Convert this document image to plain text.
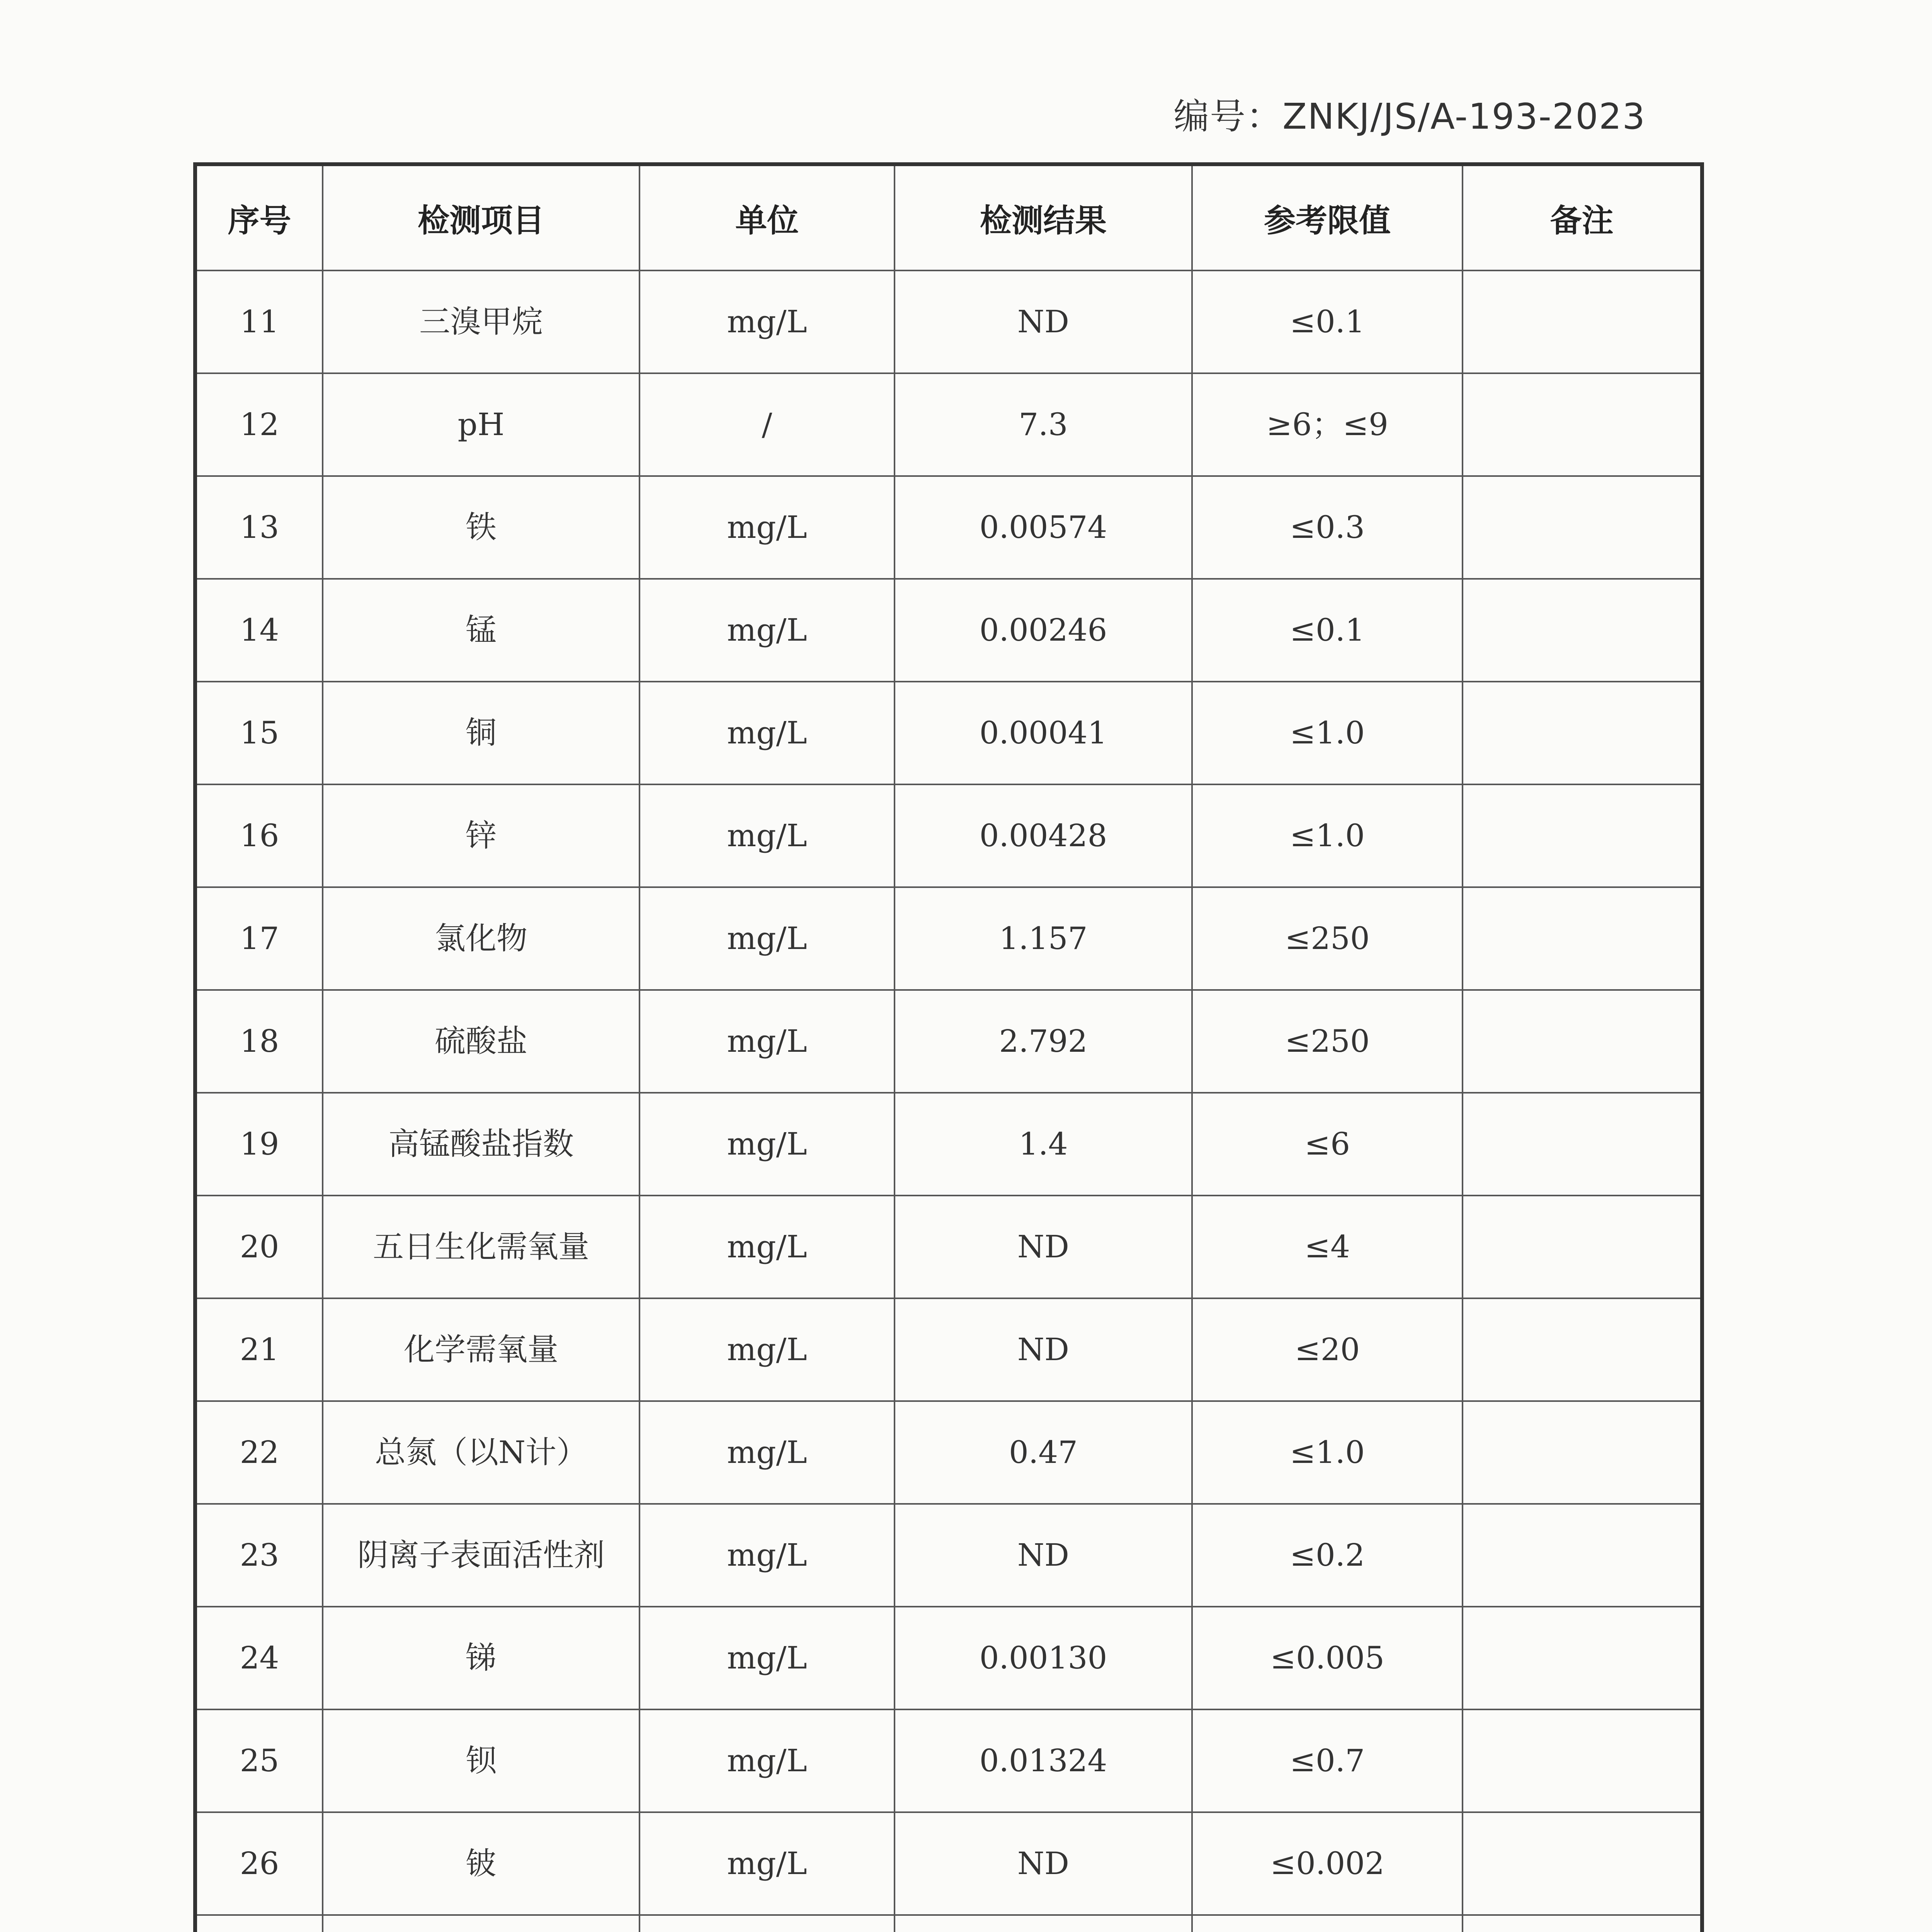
编号：ZNKJ/JS/A-193-2023
序号	检测项目	单位	检测结果	参考限值	备注
11	三溴甲烷	mg/L	ND	≤0.1	
12	pH	/	7.3	≥6；≤9	
13	铁	mg/L	0.00574	≤0.3	
14	锰	mg/L	0.00246	≤0.1	
15	铜	mg/L	0.00041	≤1.0	
16	锌	mg/L	0.00428	≤1.0	
17	氯化物	mg/L	1.157	≤250	
18	硫酸盐	mg/L	2.792	≤250	
19	高锰酸盐指数	mg/L	1.4	≤6	
20	五日生化需氧量	mg/L	ND	≤4	
21	化学需氧量	mg/L	ND	≤20	
22	总氮（以N计）	mg/L	0.47	≤1.0	
23	阴离子表面活性剂	mg/L	ND	≤0.2	
24	锑	mg/L	0.00130	≤0.005	
25	钡	mg/L	0.01324	≤0.7	
26	铍	mg/L	ND	≤0.002	
